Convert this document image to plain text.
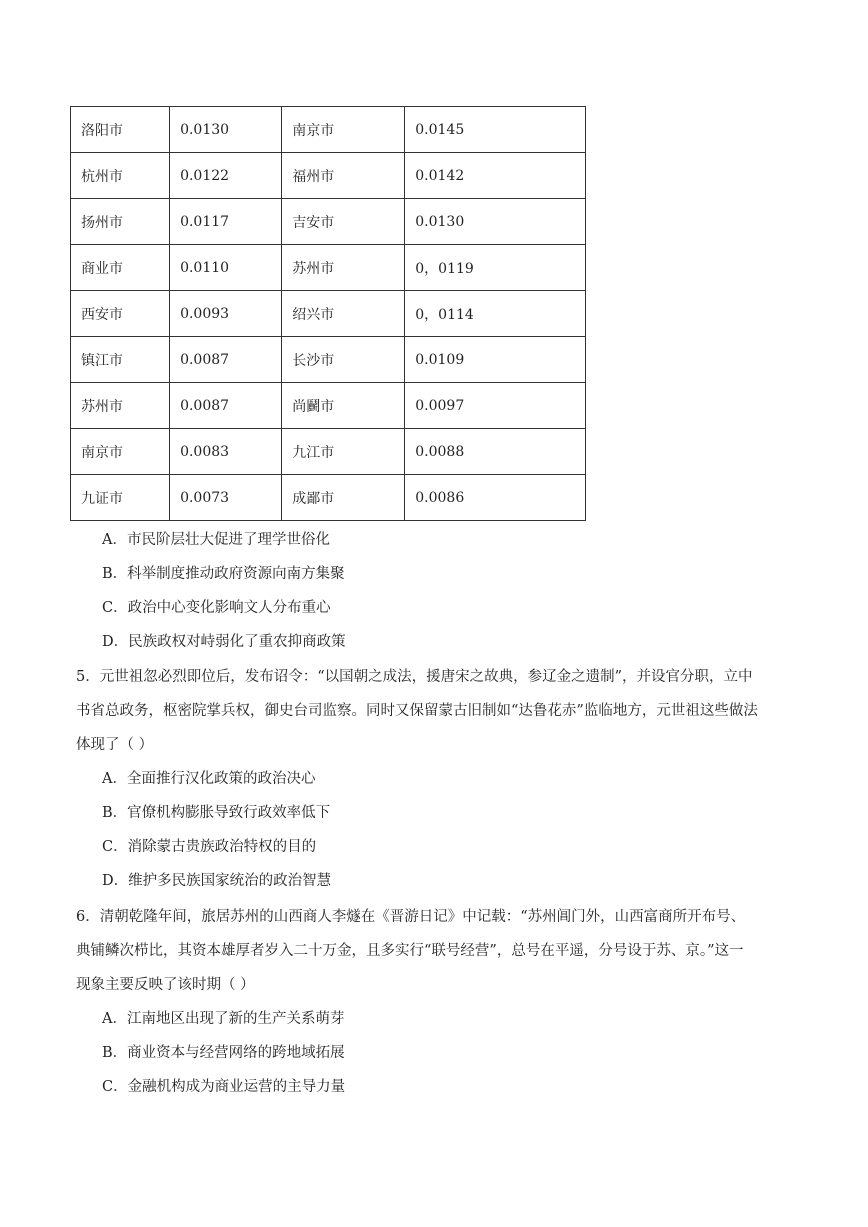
洛阳市	0.0130	南京市	0.0145
杭州市	0.0122	福州市	0.0142
扬州市	0.0117	吉安市	0.0130
商业市	0.0110	苏州市	0，0119
西安市	0.0093	绍兴市	0，0114
镇江市	0.0087	长沙市	0.0109
苏州市	0.0087	尚鬬市	0.0097
南京市	0.0083	九江市	0.0088
九证市	0.0073	成鄙市	0.0086
A．市民阶层壮大促进了理学世俗化
B．科举制度推动政府资源向南方集聚
C．政治中心变化影响文人分布重心
D．民族政权对峙弱化了重农抑商政策
5．元世祖忽必烈即位后，发布诏令：“以国朝之成法，援唐宋之故典，参辽金之遗制”，并设官分职，立中
书省总政务，枢密院掌兵权，御史台司监察。同时又保留蒙古旧制如“达鲁花赤”监临地方，元世祖这些做法
体现了（ ）
A．全面推行汉化政策的政治决心
B．官僚机构膨胀导致行政效率低下
C．消除蒙古贵族政治特权的目的
D．维护多民族国家统治的政治智慧
6．清朝乾隆年间，旅居苏州的山西商人李燧在《晋游日记》中记载：“苏州阊门外，山西富商所开布号、
典铺鳞次栉比，其资本雄厚者岁入二十万金，且多实行“联号经营”，总号在平遥，分号设于苏、京。”这一
现象主要反映了该时期（ ）
A．江南地区出现了新的生产关系萌芽
B．商业资本与经营网络的跨地域拓展
C．金融机构成为商业运营的主导力量
